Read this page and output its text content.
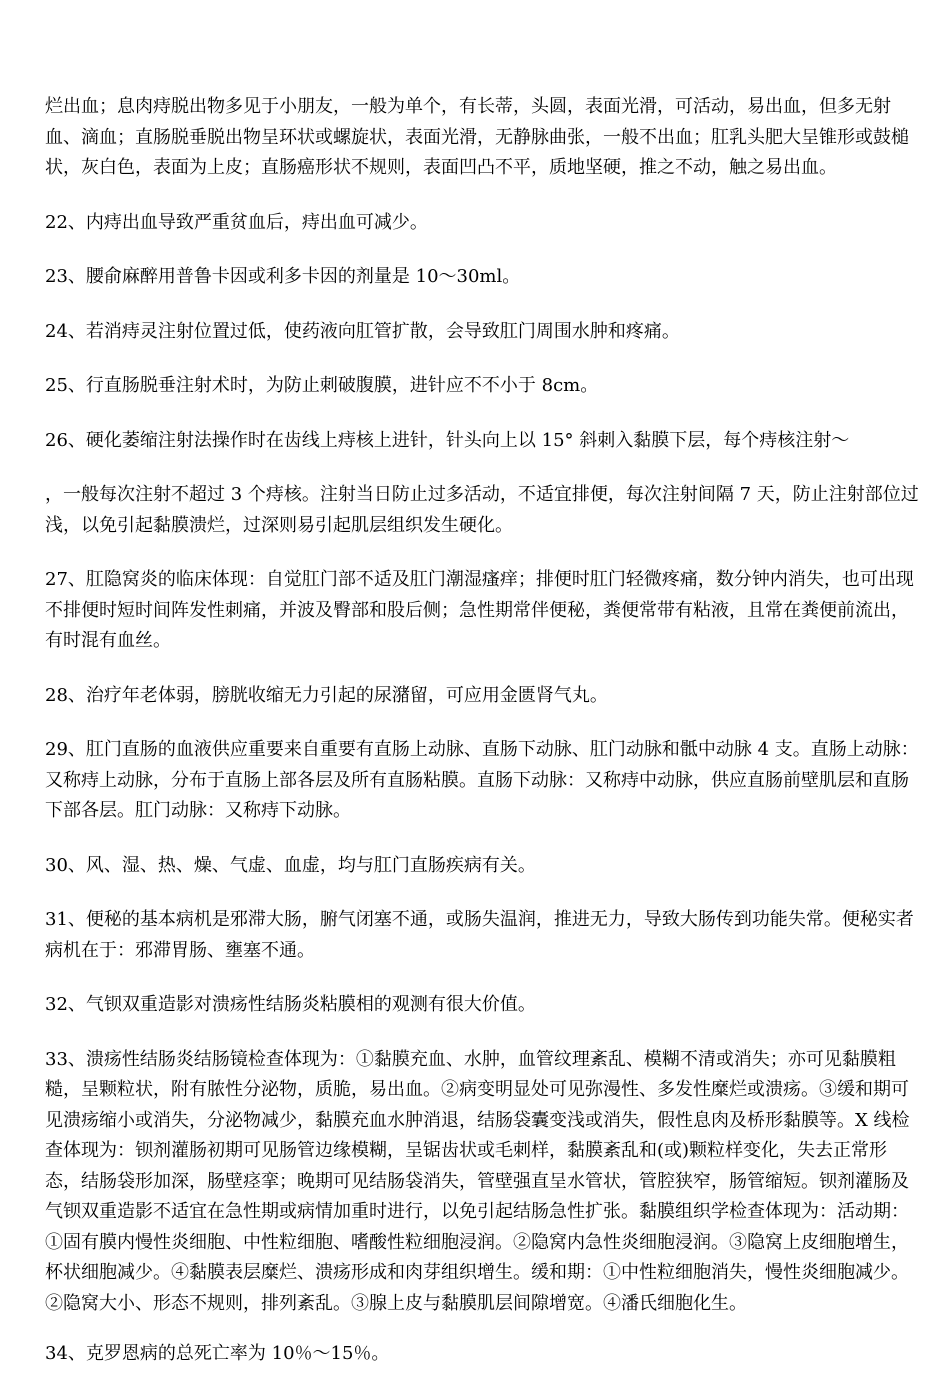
烂出血；息肉痔脱出物多见于小朋友，一般为单个，有长蒂，头圆，表面光滑，可活动，易出血，但多无射血、滴血；直肠脱垂脱出物呈环状或螺旋状，表面光滑，无静脉曲张，一般不出血；肛乳头肥大呈锥形或鼓槌状，灰白色，表面为上皮；直肠癌形状不规则，表面凹凸不平，质地坚硬，推之不动，触之易出血。

22、内痔出血导致严重贫血后，痔出血可减少。

23、腰俞麻醉用普鲁卡因或利多卡因的剂量是 10～30ml。

24、若消痔灵注射位置过低，使药液向肛管扩散，会导致肛门周围水肿和疼痛。

25、行直肠脱垂注射术时，为防止刺破腹膜，进针应不不小于 8cm。

26、硬化萎缩注射法操作时在齿线上痔核上进针，针头向上以 15° 斜刺入黏膜下层，每个痔核注射～

，一般每次注射不超过 3 个痔核。注射当日防止过多活动，不适宜排便，每次注射间隔 7 天，防止注射部位过浅，以免引起黏膜溃烂，过深则易引起肌层组织发生硬化。

27、肛隐窝炎的临床体现：自觉肛门部不适及肛门潮湿瘙痒；排便时肛门轻微疼痛，数分钟内消失，也可出现不排便时短时间阵发性刺痛，并波及臀部和股后侧；急性期常伴便秘，粪便常带有粘液，且常在粪便前流出，有时混有血丝。

28、治疗年老体弱，膀胱收缩无力引起的尿潴留，可应用金匮肾气丸。

29、肛门直肠的血液供应重要来自重要有直肠上动脉、直肠下动脉、肛门动脉和骶中动脉 4 支。直肠上动脉：又称痔上动脉，分布于直肠上部各层及所有直肠粘膜。直肠下动脉：又称痔中动脉，供应直肠前壁肌层和直肠下部各层。肛门动脉：又称痔下动脉。

30、风、湿、热、燥、气虚、血虚，均与肛门直肠疾病有关。

31、便秘的基本病机是邪滞大肠，腑气闭塞不通，或肠失温润，推进无力，导致大肠传到功能失常。便秘实者病机在于：邪滞胃肠、壅塞不通。

32、气钡双重造影对溃疡性结肠炎粘膜相的观测有很大价值。

33、溃疡性结肠炎结肠镜检查体现为：①黏膜充血、水肿，血管纹理紊乱、模糊不清或消失；亦可见黏膜粗糙，呈颗粒状，附有脓性分泌物，质脆，易出血。②病变明显处可见弥漫性、多发性糜烂或溃疡。③缓和期可见溃疡缩小或消失，分泌物减少，黏膜充血水肿消退，结肠袋囊变浅或消失，假性息肉及桥形黏膜等。X 线检查体现为：钡剂灌肠初期可见肠管边缘模糊，呈锯齿状或毛刺样，黏膜紊乱和(或)颗粒样变化，失去正常形态，结肠袋形加深，肠壁痉挛；晚期可见结肠袋消失，管壁强直呈水管状，管腔狭窄，肠管缩短。钡剂灌肠及气钡双重造影不适宜在急性期或病情加重时进行，以免引起结肠急性扩张。黏膜组织学检查体现为：活动期：①固有膜内慢性炎细胞、中性粒细胞、嗜酸性粒细胞浸润。②隐窝内急性炎细胞浸润。③隐窝上皮细胞增生，杯状细胞减少。④黏膜表层糜烂、溃疡形成和肉芽组织增生。缓和期：①中性粒细胞消失，慢性炎细胞减少。②隐窝大小、形态不规则，排列紊乱。③腺上皮与黏膜肌层间隙增宽。④潘氏细胞化生。

34、克罗恩病的总死亡率为 10％～15％。
